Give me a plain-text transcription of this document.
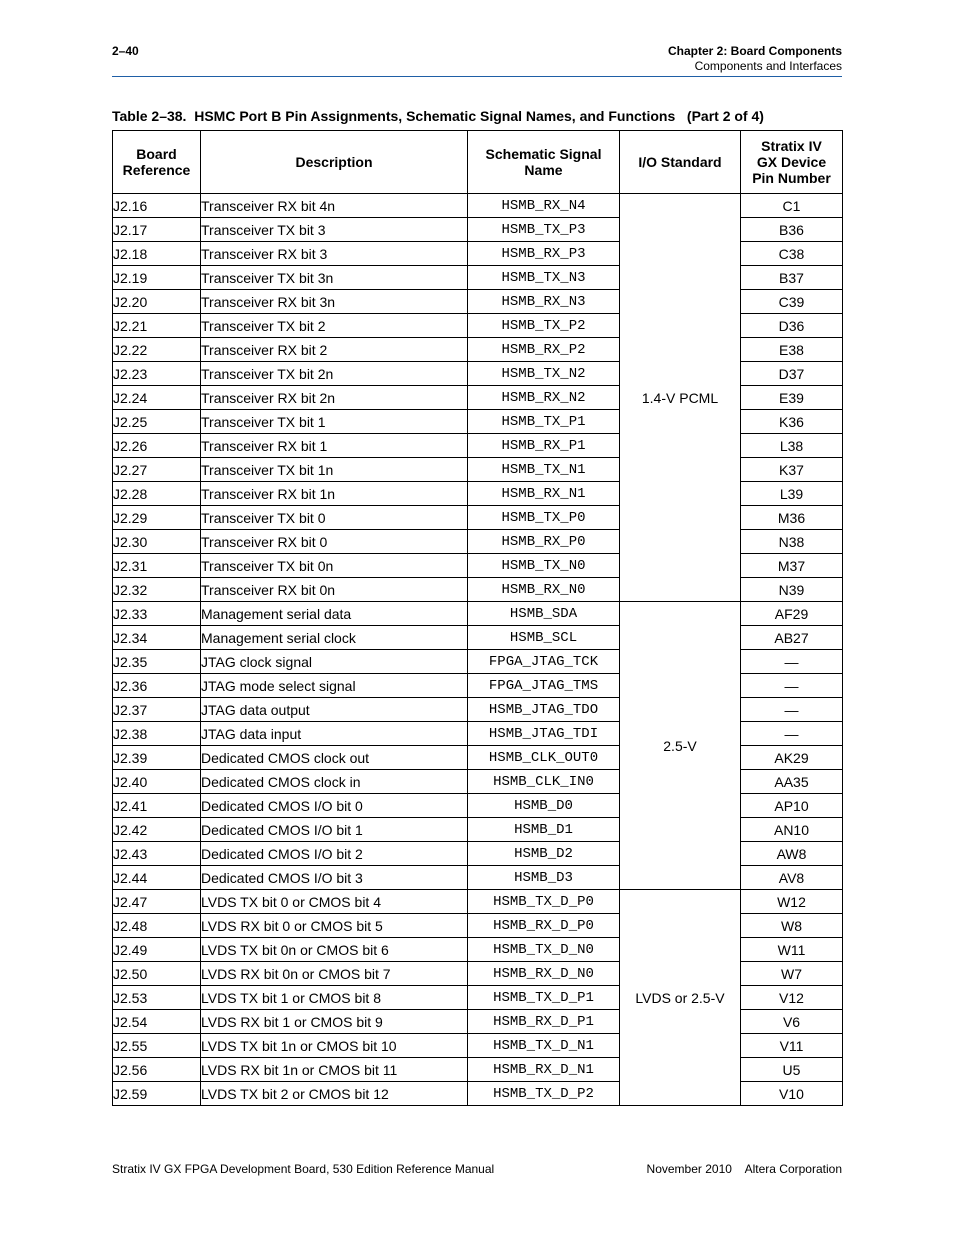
2–40	Chapter 2: Board Components
Components and Interfaces
Table 2–38.  HSMC Port B Pin Assignments, Schematic Signal Names, and Functions   (Part 2 of 4)
Board Reference	Description	Schematic Signal Name	I/O Standard	Stratix IV GX Device Pin Number
J2.16	Transceiver RX bit 4n	HSMB_RX_N4	1.4-V PCML	C1
J2.17	Transceiver TX bit 3	HSMB_TX_P3		B36
J2.18	Transceiver RX bit 3	HSMB_RX_P3		C38
J2.19	Transceiver TX bit 3n	HSMB_TX_N3		B37
J2.20	Transceiver RX bit 3n	HSMB_RX_N3		C39
J2.21	Transceiver TX bit 2	HSMB_TX_P2		D36
J2.22	Transceiver RX bit 2	HSMB_RX_P2		E38
J2.23	Transceiver TX bit 2n	HSMB_TX_N2		D37
J2.24	Transceiver RX bit 2n	HSMB_RX_N2		E39
J2.25	Transceiver TX bit 1	HSMB_TX_P1		K36
J2.26	Transceiver RX bit 1	HSMB_RX_P1		L38
J2.27	Transceiver TX bit 1n	HSMB_TX_N1		K37
J2.28	Transceiver RX bit 1n	HSMB_RX_N1		L39
J2.29	Transceiver TX bit 0	HSMB_TX_P0		M36
J2.30	Transceiver RX bit 0	HSMB_RX_P0		N38
J2.31	Transceiver TX bit 0n	HSMB_TX_N0		M37
J2.32	Transceiver RX bit 0n	HSMB_RX_N0		N39
J2.33	Management serial data	HSMB_SDA	2.5-V	AF29
J2.34	Management serial clock	HSMB_SCL		AB27
J2.35	JTAG clock signal	FPGA_JTAG_TCK		—
J2.36	JTAG mode select signal	FPGA_JTAG_TMS		—
J2.37	JTAG data output	HSMB_JTAG_TDO		—
J2.38	JTAG data input	HSMB_JTAG_TDI		—
J2.39	Dedicated CMOS clock out	HSMB_CLK_OUT0		AK29
J2.40	Dedicated CMOS clock in	HSMB_CLK_IN0		AA35
J2.41	Dedicated CMOS I/O bit 0	HSMB_D0		AP10
J2.42	Dedicated CMOS I/O bit 1	HSMB_D1		AN10
J2.43	Dedicated CMOS I/O bit 2	HSMB_D2		AW8
J2.44	Dedicated CMOS I/O bit 3	HSMB_D3		AV8
J2.47	LVDS TX bit 0 or CMOS bit 4	HSMB_TX_D_P0	LVDS or 2.5-V	W12
J2.48	LVDS RX bit 0 or CMOS bit 5	HSMB_RX_D_P0		W8
J2.49	LVDS TX bit 0n or CMOS bit 6	HSMB_TX_D_N0		W11
J2.50	LVDS RX bit 0n or CMOS bit 7	HSMB_RX_D_N0		W7
J2.53	LVDS TX bit 1 or CMOS bit 8	HSMB_TX_D_P1		V12
J2.54	LVDS RX bit 1 or CMOS bit 9	HSMB_RX_D_P1		V6
J2.55	LVDS TX bit 1n or CMOS bit 10	HSMB_TX_D_N1		V11
J2.56	LVDS RX bit 1n or CMOS bit 11	HSMB_RX_D_N1		U5
J2.59	LVDS TX bit 2 or CMOS bit 12	HSMB_TX_D_P2		V10
Stratix IV GX FPGA Development Board, 530 Edition Reference Manual	November 2010    Altera Corporation
